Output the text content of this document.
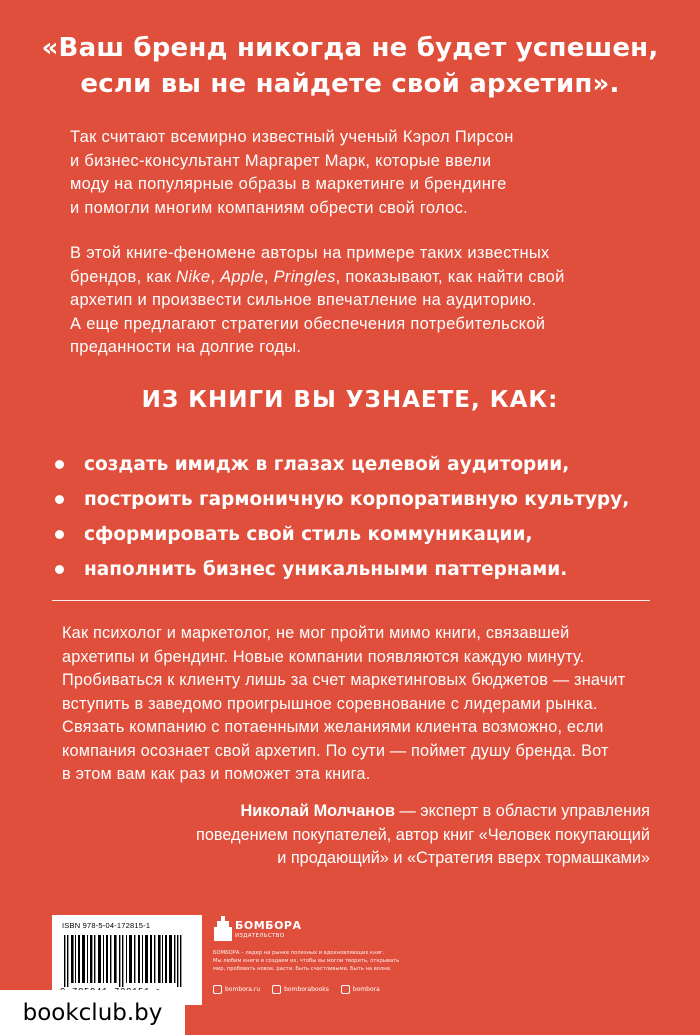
«Ваш бренд никогда не будет успешен,
если вы не найдете свой архетип».
Так считают всемирно известный ученый Кэрол Пирсон
и бизнес-консультант Маргарет Марк, которые ввели
моду на популярные образы в маркетинге и брендинге
и помогли многим компаниям обрести свой голос.
В этой книге-феномене авторы на примере таких известных
брендов, как Nike, Apple, Pringles, показывают, как найти свой
архетип и произвести сильное впечатление на аудиторию.
А еще предлагают стратегии обеспечения потребительской
преданности на долгие годы.
ИЗ КНИГИ ВЫ УЗНАЕТЕ, КАК:
создать имидж в глазах целевой аудитории,
построить гармоничную корпоративную культуру,
сформировать свой стиль коммуникации,
наполнить бизнес уникальными паттернами.
Как психолог и маркетолог, не мог пройти мимо книги, связавшей
архетипы и брендинг. Новые компании появляются каждую минуту.
Пробиваться к клиенту лишь за счет маркетинговых бюджетов — значит
вступить в заведомо проигрышное соревнование с лидерами рынка.
Связать компанию с потаенными желаниями клиента возможно, если
компания осознает свой архетип. По сути — поймет душу бренда. Вот
в этом вам как раз и поможет эта книга.
Николай Молчанов — эксперт в области управления
поведением покупателей, автор книг «Человек покупающий
и продающий» и «Стратегия вверх тормашками»
ISBN 978-5-04-172815-1	БОМБОРА
ИЗДАТЕЛЬСТВО
БОМБОРА – лидер на рынке полезных и вдохновляющих книг.
Мы любим книги и создаем их, чтобы вы могли творить, открывать
мир, пробовать новое, расти. Быть счастливыми. Быть на волне.
bombora.ru	bomborabooks	bombora
bookclub.by
